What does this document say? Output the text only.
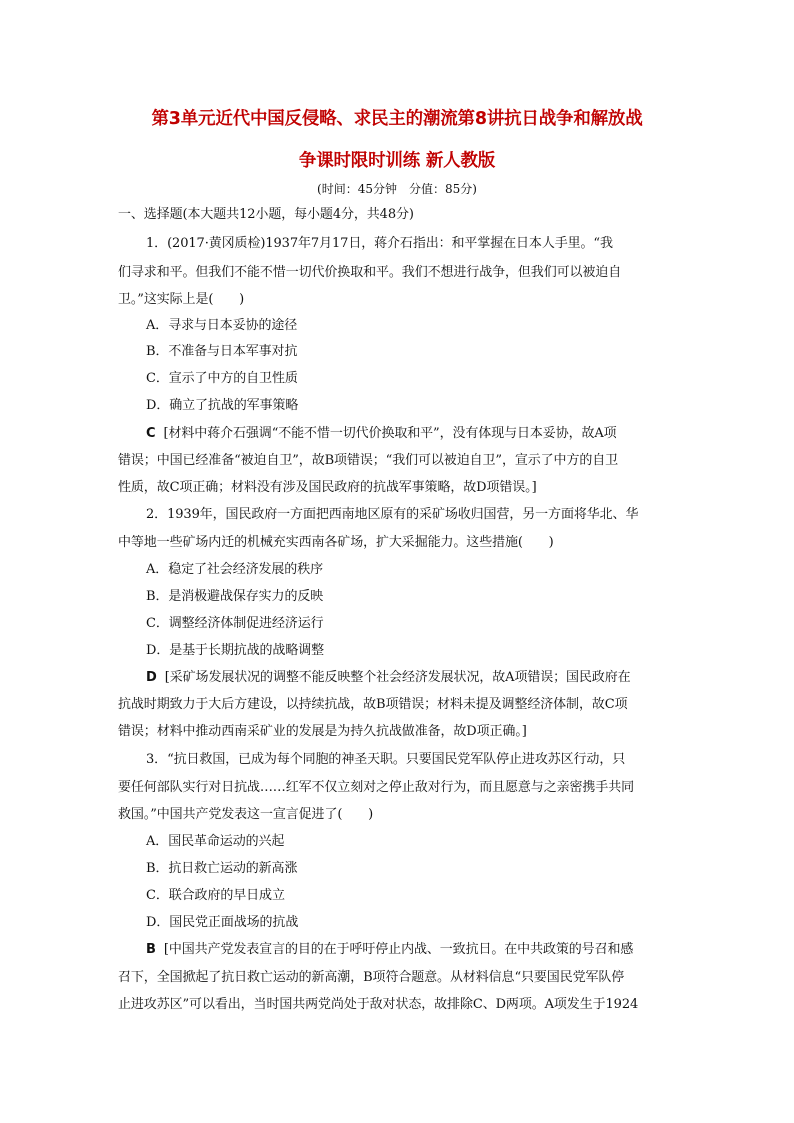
第3单元近代中国反侵略、求民主的潮流第8讲抗日战争和解放战
争课时限时训练 新人教版
(时间：45分钟　分值：85分)
一、选择题(本大题共12小题，每小题4分，共48分)
1．(2017·黄冈质检)1937年7月17日，蒋介石指出：和平掌握在日本人手里。“我
们寻求和平。但我们不能不惜一切代价换取和平。我们不想进行战争，但我们可以被迫自
卫。”这实际上是(　　)
A．寻求与日本妥协的途径
B．不准备与日本军事对抗
C．宣示了中方的自卫性质
D．确立了抗战的军事策略
C [材料中蒋介石强调“不能不惜一切代价换取和平”，没有体现与日本妥协，故A项
错误；中国已经准备“被迫自卫”，故B项错误；“我们可以被迫自卫”，宣示了中方的自卫
性质，故C项正确；材料没有涉及国民政府的抗战军事策略，故D项错误。]
2．1939年，国民政府一方面把西南地区原有的采矿场收归国营，另一方面将华北、华
中等地一些矿场内迁的机械充实西南各矿场，扩大采掘能力。这些措施(　　)
A．稳定了社会经济发展的秩序
B．是消极避战保存实力的反映
C．调整经济体制促进经济运行
D．是基于长期抗战的战略调整
D [采矿场发展状况的调整不能反映整个社会经济发展状况，故A项错误；国民政府在
抗战时期致力于大后方建设，以持续抗战，故B项错误；材料未提及调整经济体制，故C项
错误；材料中推动西南采矿业的发展是为持久抗战做准备，故D项正确。]
3．“抗日救国，已成为每个同胞的神圣天职。只要国民党军队停止进攻苏区行动，只
要任何部队实行对日抗战……红军不仅立刻对之停止敌对行为，而且愿意与之亲密携手共同
救国。”中国共产党发表这一宣言促进了(　　)
A．国民革命运动的兴起
B．抗日救亡运动的新高涨
C．联合政府的早日成立
D．国民党正面战场的抗战
B [中国共产党发表宣言的目的在于呼吁停止内战、一致抗日。在中共政策的号召和感
召下，全国掀起了抗日救亡运动的新高潮，B项符合题意。从材料信息“只要国民党军队停
止进攻苏区”可以看出，当时国共两党尚处于敌对状态，故排除C、D两项。A项发生于1924
